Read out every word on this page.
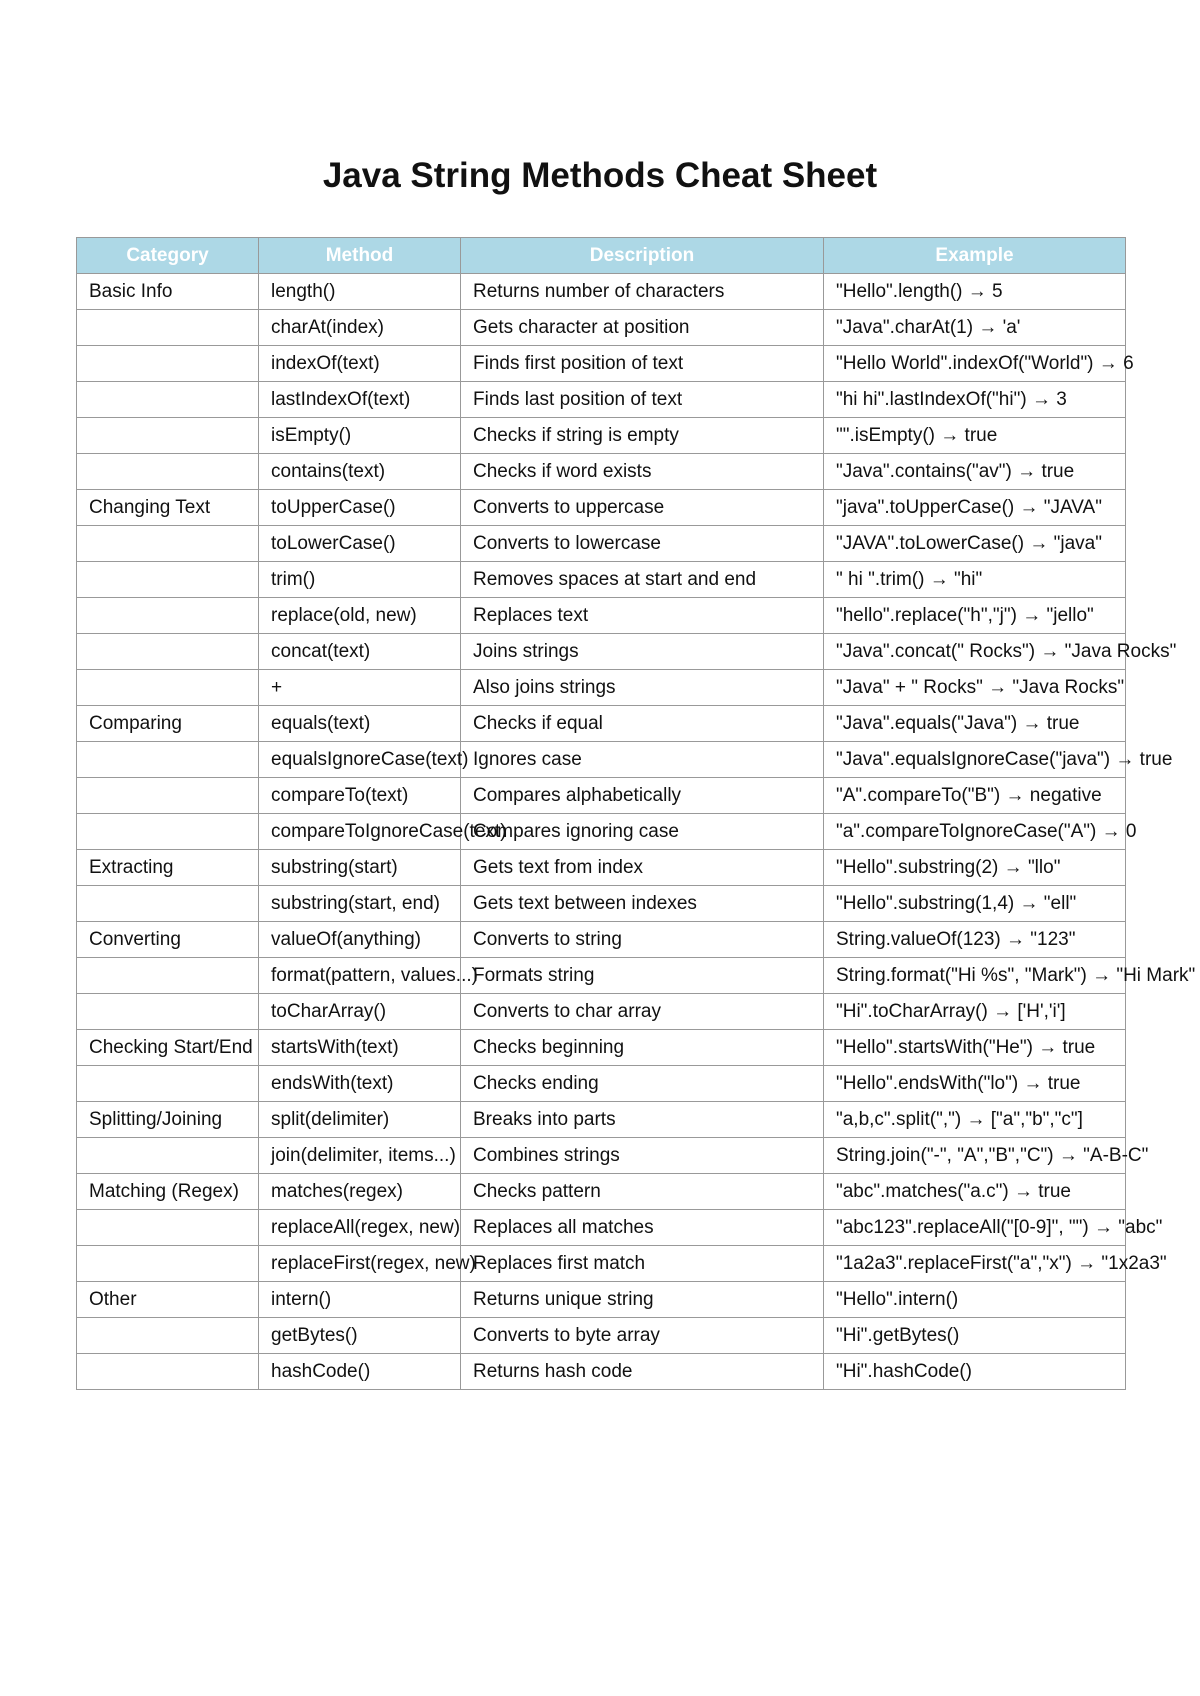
Java String Methods Cheat Sheet
Category	Method	Description	Example
Basic Info	length()	Returns number of characters	"Hello".length() → 5
	charAt(index)	Gets character at position	"Java".charAt(1) → 'a'
	indexOf(text)	Finds first position of text	"Hello World".indexOf("World") → 6
	lastIndexOf(text)	Finds last position of text	"hi hi".lastIndexOf("hi") → 3
	isEmpty()	Checks if string is empty	"".isEmpty() → true
	contains(text)	Checks if word exists	"Java".contains("av") → true
Changing Text	toUpperCase()	Converts to uppercase	"java".toUpperCase() → "JAVA"
	toLowerCase()	Converts to lowercase	"JAVA".toLowerCase() → "java"
	trim()	Removes spaces at start and end	" hi ".trim() → "hi"
	replace(old, new)	Replaces text	"hello".replace("h","j") → "jello"
	concat(text)	Joins strings	"Java".concat(" Rocks") → "Java Rocks"
	+	Also joins strings	"Java" + " Rocks" → "Java Rocks"
Comparing	equals(text)	Checks if equal	"Java".equals("Java") → true
	equalsIgnoreCase(text)	Ignores case	"Java".equalsIgnoreCase("java") → true
	compareTo(text)	Compares alphabetically	"A".compareTo("B") → negative
	compareToIgnoreCase(text)	Compares ignoring case	"a".compareToIgnoreCase("A") → 0
Extracting	substring(start)	Gets text from index	"Hello".substring(2) → "llo"
	substring(start, end)	Gets text between indexes	"Hello".substring(1,4) → "ell"
Converting	valueOf(anything)	Converts to string	String.valueOf(123) → "123"
	format(pattern, values...)	Formats string	String.format("Hi %s", "Mark") → "Hi Mark"
	toCharArray()	Converts to char array	"Hi".toCharArray() → ['H','i']
Checking Start/End	startsWith(text)	Checks beginning	"Hello".startsWith("He") → true
	endsWith(text)	Checks ending	"Hello".endsWith("lo") → true
Splitting/Joining	split(delimiter)	Breaks into parts	"a,b,c".split(",") → ["a","b","c"]
	join(delimiter, items...)	Combines strings	String.join("-", "A","B","C") → "A-B-C"
Matching (Regex)	matches(regex)	Checks pattern	"abc".matches("a.c") → true
	replaceAll(regex, new)	Replaces all matches	"abc123".replaceAll("[0-9]", "") → "abc"
	replaceFirst(regex, new)	Replaces first match	"1a2a3".replaceFirst("a","x") → "1x2a3"
Other	intern()	Returns unique string	"Hello".intern()
	getBytes()	Converts to byte array	"Hi".getBytes()
	hashCode()	Returns hash code	"Hi".hashCode()
